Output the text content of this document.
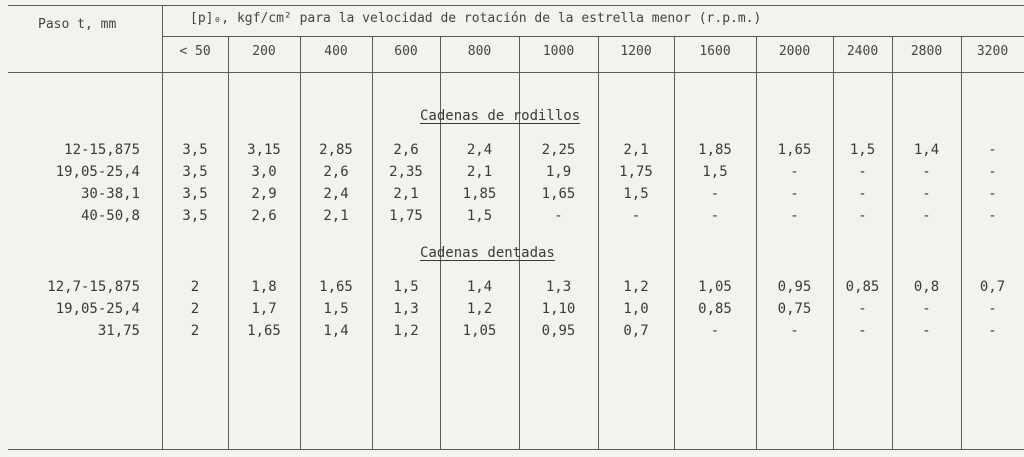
Paso t, mm	[p]₀, kgf/cm² para la velocidad de rotación de la estrella menor (r.p.m.)
< 50	200	400	600	800	1000	1200	1600	2000	2400	2800	3200
Cadenas de rodillos
12-15,875	3,5	3,15	2,85	2,6	2,4	2,25	2,1	1,85	1,65	1,5	1,4	-
19,05-25,4	3,5	3,0	2,6	2,35	2,1	1,9	1,75	1,5	-	-	-	-
30-38,1	3,5	2,9	2,4	2,1	1,85	1,65	1,5	-	-	-	-	-
40-50,8	3,5	2,6	2,1	1,75	1,5	-	-	-	-	-	-	-
Cadenas dentadas
12,7-15,875	2	1,8	1,65	1,5	1,4	1,3	1,2	1,05	0,95	0,85	0,8	0,7
19,05-25,4	2	1,7	1,5	1,3	1,2	1,10	1,0	0,85	0,75	-	-	-
31,75	2	1,65	1,4	1,2	1,05	0,95	0,7	-	-	-	-	-
